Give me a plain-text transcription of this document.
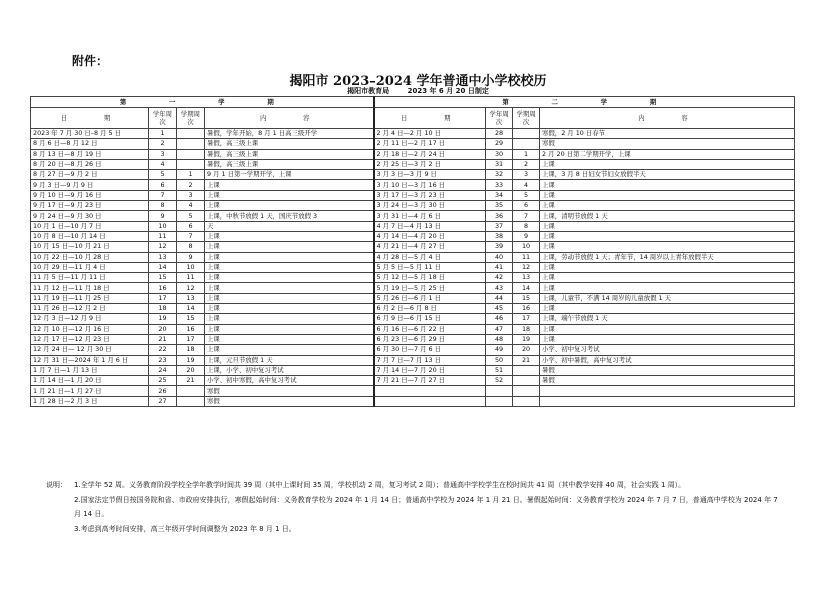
附件：
揭阳市 2023–2024 学年普通中小学校校历
揭阳市教育局	2023 年 6 月 20 日制定
第　　一　　学　　期				第　　二　　学　　期			
日　　期	学年周次	学期周次	内　　容	日　　期	学年周次	学期周次	内　　容
2023 年 7 月 30 日–8 月 5 日	1		暑假，学年开始，8 月 1 日高三级开学	2 月 4 日—2 月 10 日	28		寒假，2 月 10 日春节
8 月 6 日—8 月 12 日	2		暑假，高三级上课	2 月 11 日—2 月 17 日	29		寒假
8 月 13 日—8 月 19 日	3		暑假，高三级上课	2 月 18 日—2 月 24 日	30	1	2 月 20 日第二学期开学，上课
8 月 20 日—8 月 26 日	4		暑假，高三级上课	2 月 25 日—3 月 2 日	31	2	上课
8 月 27 日—9 月 2 日	5	1	9 月 1 日第一学期开学，上课	3 月 3 日—3 月 9 日	32	3	上课，3 月 8 日妇女节妇女放假半天
9 月 3 日—9 月 9 日	6	2	上课	3 月 10 日—3 月 16 日	33	4	上课
9 月 10 日—9 月 16 日	7	3	上课	3 月 17 日—3 月 23 日	34	5	上课
9 月 17 日—9 月 23 日	8	4	上课	3 月 24 日—3 月 30 日	35	6	上课
9 月 24 日—9 月 30 日	9	5	上课，中秋节放假 1 天，国庆节放假 3	3 月 31 日—4 月 6 日	36	7	上课，清明节放假 1 天
10 月 1 日—10 月 7 日	10	6	天	4 月 7 日—4 月 13 日	37	8	上课
10 月 8 日—10 月 14 日	11	7	上课	4 月 14 日—4 月 20 日	38	9	上课
10 月 15 日—10 月 21 日	12	8	上课	4 月 21 日—4 月 27 日	39	10	上课
10 月 22 日—10 月 28 日	13	9	上课	4 月 28 日—5 月 4 日	40	11	上课，劳动节放假 1 天；青年节，14 周岁以上青年放假半天
10 月 29 日—11 月 4 日	14	10	上课	5 月 5 日—5 月 11 日	41	12	上课
11 月 5 日—11 月 11 日	15	11	上课	5 月 12 日—5 月 18 日	42	13	上课
11 月 12 日—11 月 18 日	16	12	上课	5 月 19 日—5 月 25 日	43	14	上课
11 月 19 日—11 月 25 日	17	13	上课	5 月 26 日—6 月 1 日	44	15	上课，儿童节，不满 14 周岁的儿童放假 1 天
11 月 26 日—12 月 2 日	18	14	上课	6 月 2 日—6 月 8 日	45	16	上课
12 月 3 日—12 月 9 日	19	15	上课	6 月 9 日—6 月 15 日	46	17	上课，端午节放假 1 天
12 月 10 日—12 月 16 日	20	16	上课	6 月 16 日—6 月 22 日	47	18	上课
12 月 17 日—12 月 23 日	21	17	上课	6 月 23 日—6 月 29 日	48	19	上课
12 月 24 日— 12 月 30 日	22	18	上课	6 月 30 日—7 月 6 日	49	20	小学、初中复习考试
12 月 31 日—2024 年 1 月 6 日	23	19	上课，元旦节放假 1 天	7 月 7 日—7 月 13 日	50	21	小学、初中暑假，高中复习考试
1 月 7 日—1 月 13 日	24	20	上课，小学、初中复习考试	7 月 14 日—7 月 20 日	51		暑假
1 月 14 日—1 月 20 日	25	21	小学、初中寒假，高中复习考试	7 月 21 日—7 月 27 日	52		暑假
1 月 21 日—1 月 27 日	26		寒假				
1 月 28 日—2 月 3 日	27		寒假				
说明： 1.全学年 52 周。义务教育阶段学校全学年教学时间共 39 周（其中上课时间 35 周，学校机动 2 周，复习考试 2 周）；普通高中学校学生在校时间共 41 周（其中教学安排 40 周，社会实践 1 周）。

2.国家法定节假日按国务院和省、市政府安排执行，寒假起始时间：义务教育学校为 2024 年 1 月 14 日；普通高中学校为 2024 年 1 月 21 日。暑假起始时间：义务教育学校为 2024 年 7 月 7 日，普通高中学校为 2024 年 7 月 14 日。

3.考虑到高考时间安排，高三年级开学时间调整为 2023 年 8 月 1 日。
